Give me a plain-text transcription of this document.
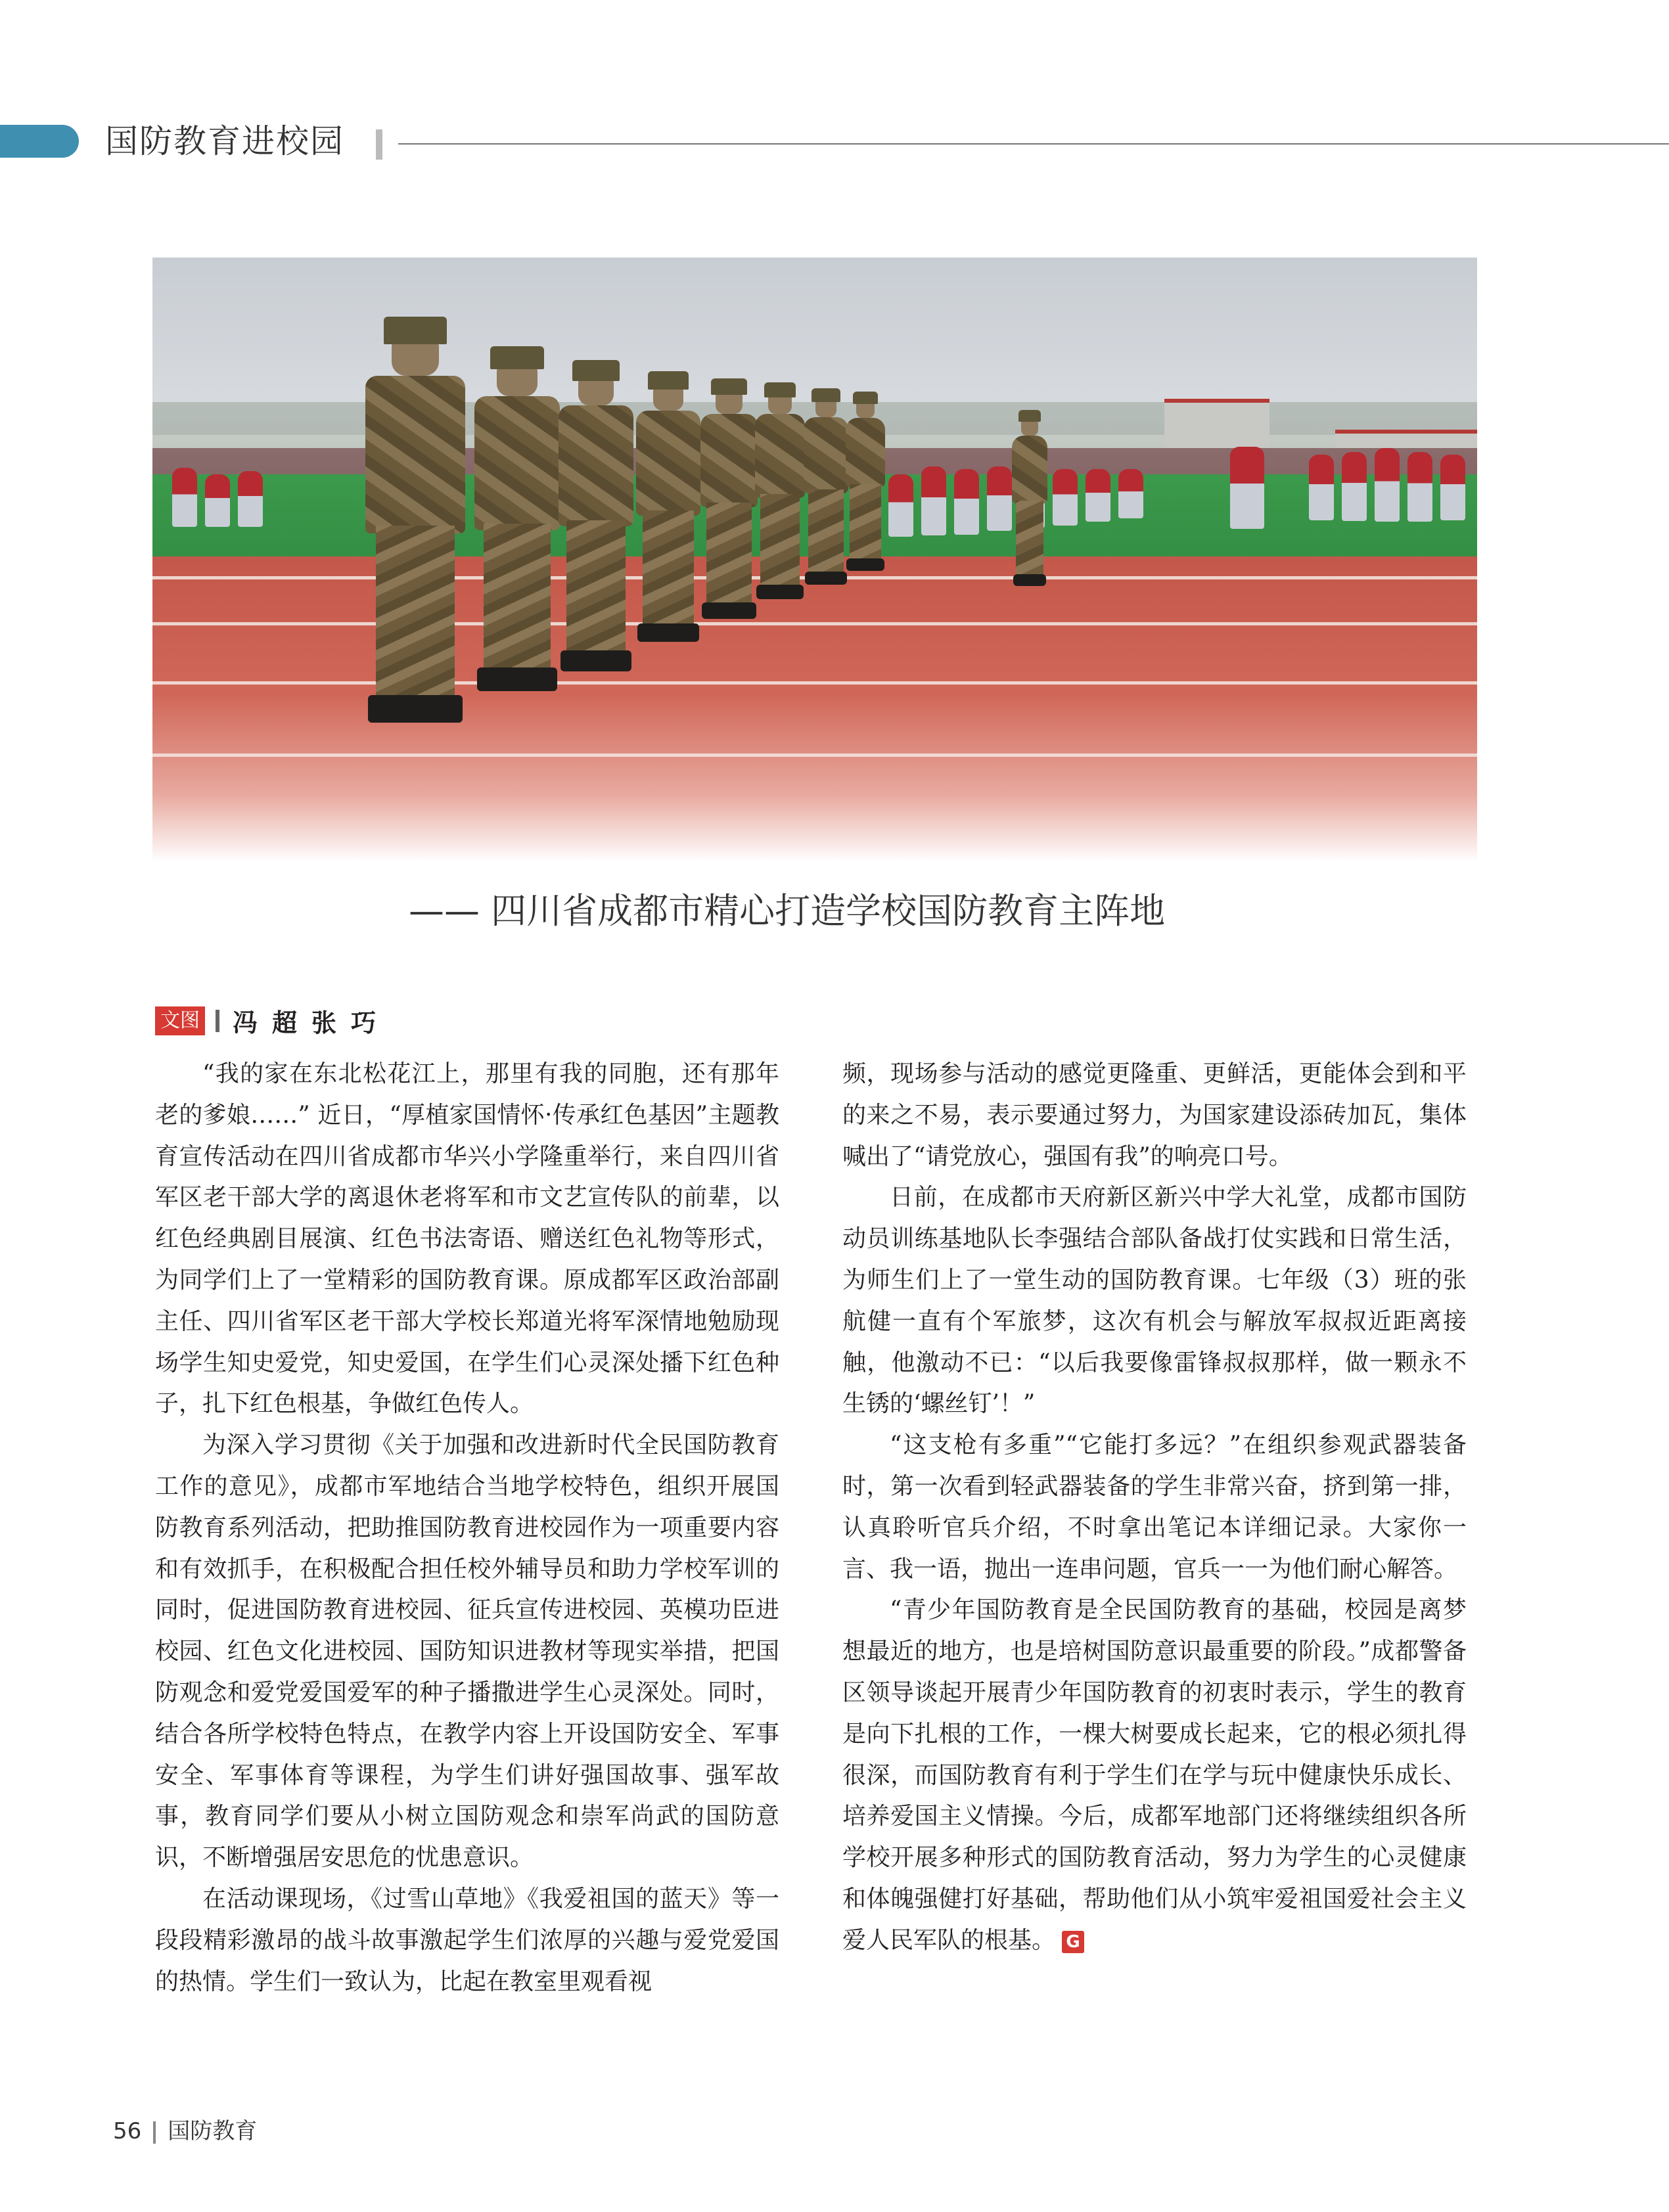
国防教育进校园
—— 四川省成都市精心打造学校国防教育主阵地
文图 冯超张巧

“我的家在东北松花江上，那里有我的同胞，还有那年老的爹娘……” 近日，“厚植家国情怀·传承红色基因”主题教育宣传活动在四川省成都市华兴小学隆重举行，来自四川省军区老干部大学的离退休老将军和市文艺宣传队的前辈，以红色经典剧目展演、红色书法寄语、赠送红色礼物等形式，为同学们上了一堂精彩的国防教育课。原成都军区政治部副主任、四川省军区老干部大学校长郑道光将军深情地勉励现场学生知史爱党，知史爱国，在学生们心灵深处播下红色种子，扎下红色根基，争做红色传人。

为深入学习贯彻《关于加强和改进新时代全民国防教育工作的意见》，成都市军地结合当地学校特色，组织开展国防教育系列活动，把助推国防教育进校园作为一项重要内容和有效抓手，在积极配合担任校外辅导员和助力学校军训的同时，促进国防教育进校园、征兵宣传进校园、英模功臣进校园、红色文化进校园、国防知识进教材等现实举措，把国防观念和爱党爱国爱军的种子播撒进学生心灵深处。同时，结合各所学校特色特点，在教学内容上开设国防安全、军事安全、军事体育等课程，为学生们讲好强国故事、强军故事，教育同学们要从小树立国防观念和崇军尚武的国防意识，不断增强居安思危的忧患意识。

在活动课现场，《过雪山草地》《我爱祖国的蓝天》等一段段精彩激昂的战斗故事激起学生们浓厚的兴趣与爱党爱国的热情。学生们一致认为，比起在教室里观看视

频，现场参与活动的感觉更隆重、更鲜活，更能体会到和平的来之不易，表示要通过努力，为国家建设添砖加瓦，集体喊出了“请党放心，强国有我”的响亮口号。

日前，在成都市天府新区新兴中学大礼堂，成都市国防动员训练基地队长李强结合部队备战打仗实践和日常生活，为师生们上了一堂生动的国防教育课。七年级（3）班的张航健一直有个军旅梦，这次有机会与解放军叔叔近距离接触，他激动不已：“以后我要像雷锋叔叔那样，做一颗永不生锈的‘螺丝钉’！”

“这支枪有多重”“它能打多远？”在组织参观武器装备时，第一次看到轻武器装备的学生非常兴奋，挤到第一排，认真聆听官兵介绍，不时拿出笔记本详细记录。大家你一言、我一语，抛出一连串问题，官兵一一为他们耐心解答。

“青少年国防教育是全民国防教育的基础，校园是离梦想最近的地方，也是培树国防意识最重要的阶段。”成都警备区领导谈起开展青少年国防教育的初衷时表示，学生的教育是向下扎根的工作，一棵大树要成长起来，它的根必须扎得很深，而国防教育有利于学生们在学与玩中健康快乐成长、培养爱国主义情操。今后，成都军地部门还将继续组织各所学校开展多种形式的国防教育活动，努力为学生的心灵健康和体魄强健打好基础，帮助他们从小筑牢爱祖国爱社会主义爱人民军队的根基。 G

56 国防教育
